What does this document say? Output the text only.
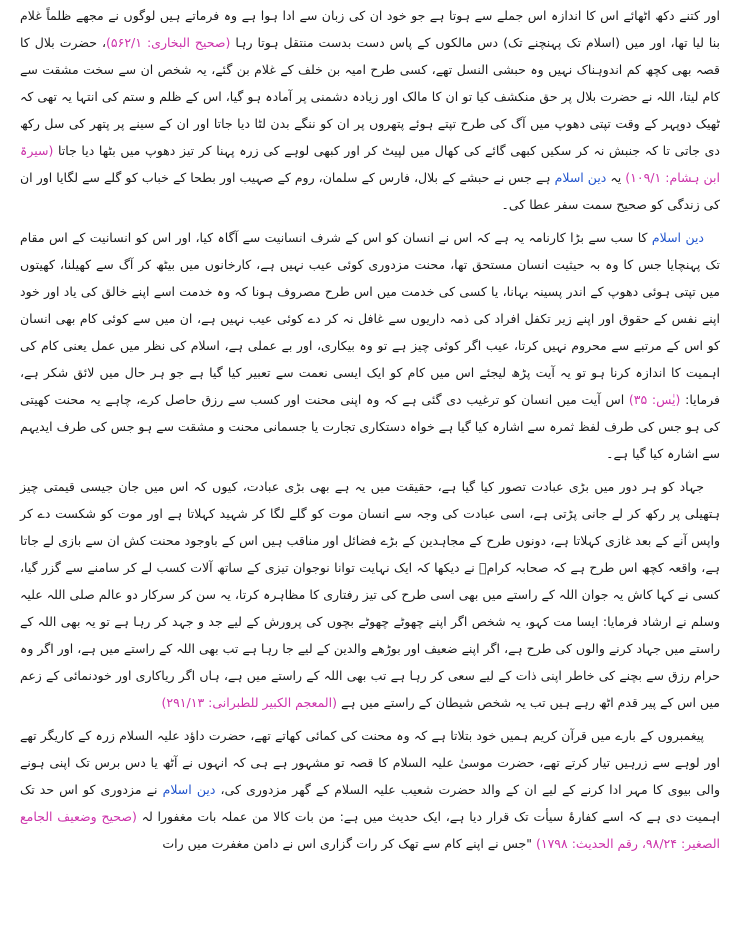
اور کتنے دکھ اٹھائے اس کا اندازہ اس جملے سے ہوتا ہے جو خود ان کی زبان سے ادا ہوا ہے وہ فرماتے ہیں لوگوں نے مجھے ظلماً غلام بنا لیا تھا، اور میں (اسلام تک پہنچنے تک) دس مالکوں کے پاس دست بدست منتقل ہوتا رہا (صحیح البخاری: ۵۶۲/۱)، حضرت بلال کا قصہ بھی کچھ کم اندوہناک نہیں وہ حبشی النسل تھے، کسی طرح امیہ بن خلف کے غلام بن گئے، یہ شخص ان سے سخت مشقت سے کام لیتا، اللہ نے حضرت بلال پر حق منکشف کیا تو ان کا مالک اور زیادہ دشمنی پر آمادہ ہو گیا، اس کے ظلم و ستم کی انتہا یہ تھی کہ ٹھیک دوپہر کے وقت تپتی دھوپ میں آگ کی طرح تپتے ہوئے پتھروں پر ان کو ننگے بدن لٹا دیا جاتا اور ان کے سینے پر پتھر کی سل رکھ دی جاتی تا کہ جنبش نہ کر سکیں کبھی گائے کی کھال میں لپیٹ کر اور کبھی لوہے کی زرہ پہنا کر تیز دھوپ میں بٹھا دیا جاتا (سیرۃ ابن ہشام: ۱۰۹/۱) یہ دین اسلام ہے جس نے حبشے کے بلال، فارس کے سلمان، روم کے صہیب اور بطحا کے خباب کو گلے سے لگایا اور ان کی زندگی کو صحیح سمت سفر عطا کی۔

دین اسلام کا سب سے بڑا کارنامہ یہ ہے کہ اس نے انسان کو اس کے شرف انسانیت سے آگاہ کیا، اور اس کو انسانیت کے اس مقام تک پہنچایا جس کا وہ بہ حیثیت انسان مستحق تھا، محنت مزدوری کوئی عیب نہیں ہے، کارخانوں میں بیٹھ کر آگ سے کھیلنا، کھیتوں میں تپتی ہوئی دھوپ کے اندر پسینہ بہانا، یا کسی کی خدمت میں اس طرح مصروف ہونا کہ وہ خدمت اسے اپنے خالق کی یاد اور خود اپنے نفس کے حقوق اور اپنے زیر تکفل افراد کی ذمہ داریوں سے غافل نہ کر دے کوئی عیب نہیں ہے، ان میں سے کوئی کام بھی انسان کو اس کے مرتبے سے محروم نہیں کرتا، عیب اگر کوئی چیز ہے تو وہ بیکاری، اور بے عملی ہے، اسلام کی نظر میں عمل یعنی کام کی اہمیت کا اندازہ کرنا ہو تو یہ آیت پڑھ لیجئے اس میں کام کو ایک ایسی نعمت سے تعبیر کیا گیا ہے جو ہر حال میں لائق شکر ہے، فرمایا: (یٰس: ۳۵) اس آیت میں انسان کو ترغیب دی گئی ہے کہ وہ اپنی محنت اور کسب سے رزق حاصل کرے، چاہے یہ محنت کھیتی کی ہو جس کی طرف لفظ ثمرہ سے اشارہ کیا گیا ہے خواہ دستکاری تجارت یا جسمانی محنت و مشقت سے ہو جس کی طرف ایدیہم سے اشارہ کیا گیا ہے۔

جہاد کو ہر دور میں بڑی عبادت تصور کیا گیا ہے، حقیقت میں یہ ہے بھی بڑی عبادت، کیوں کہ اس میں جان جیسی قیمتی چیز ہتھیلی پر رکھ کر لے جانی پڑتی ہے، اسی عبادت کی وجہ سے انسان موت کو گلے لگا کر شہید کہلاتا ہے اور موت کو شکست دے کر واپس آنے کے بعد غازی کہلاتا ہے، دونوں طرح کے مجاہدین کے بڑے فضائل اور مناقب ہیں اس کے باوجود محنت کش ان سے بازی لے جاتا ہے، واقعہ کچھ اس طرح ہے کہ صحابہ کرامؓ نے دیکھا کہ ایک نہایت توانا نوجوان تیزی کے ساتھ آلات کسب لے کر سامنے سے گزر گیا، کسی نے کہا کاش یہ جوان اللہ کے راستے میں بھی اسی طرح کی تیز رفتاری کا مظاہرہ کرتا، یہ سن کر سرکار دو عالم صلی اللہ علیہ وسلم نے ارشاد فرمایا: ایسا مت کہو، یہ شخص اگر اپنے چھوٹے چھوٹے بچوں کی پرورش کے لیے جد و جہد کر رہا ہے تو یہ بھی اللہ کے راستے میں جہاد کرنے والوں کی طرح ہے، اگر اپنے ضعیف اور بوڑھے والدین کے لیے جا رہا ہے تب بھی اللہ کے راستے میں ہے، اور اگر وہ حرام رزق سے بچنے کی خاطر اپنی ذات کے لیے سعی کر رہا ہے تب بھی اللہ کے راستے میں ہے، ہاں اگر ریاکاری اور خودنمائی کے زعم میں اس کے پیر قدم اٹھ رہے ہیں تب یہ شخص شیطان کے راستے میں ہے (المعجم الکبیر للطبرانی: ۲۹۱/۱۳)

پیغمبروں کے بارے میں قرآن کریم ہمیں خود بتلاتا ہے کہ وہ محنت کی کمائی کھاتے تھے، حضرت داؤد علیہ السلام زرہ کے کاریگر تھے اور لوہے سے زرہیں تیار کرتے تھے، حضرت موسیٰ علیہ السلام کا قصہ تو مشہور ہے ہی کہ انہوں نے آٹھ یا دس برس تک اپنی ہونے والی بیوی کا مہر ادا کرنے کے لیے ان کے والد حضرت شعیب علیہ السلام کے گھر مزدوری کی، دین اسلام نے مزدوری کو اس حد تک اہمیت دی ہے کہ اسے کفارۂ سیأت تک قرار دیا ہے، ایک حدیث میں ہے: من بات کالا من عملہ بات مغفورا لہ (صحیح وضعیف الجامع الصغیر: ۹۸/۲۴، رقم الحدیث: ۱۷۹۸) "جس نے اپنے کام سے تھک کر رات گزاری اس نے دامن مغفرت میں رات
